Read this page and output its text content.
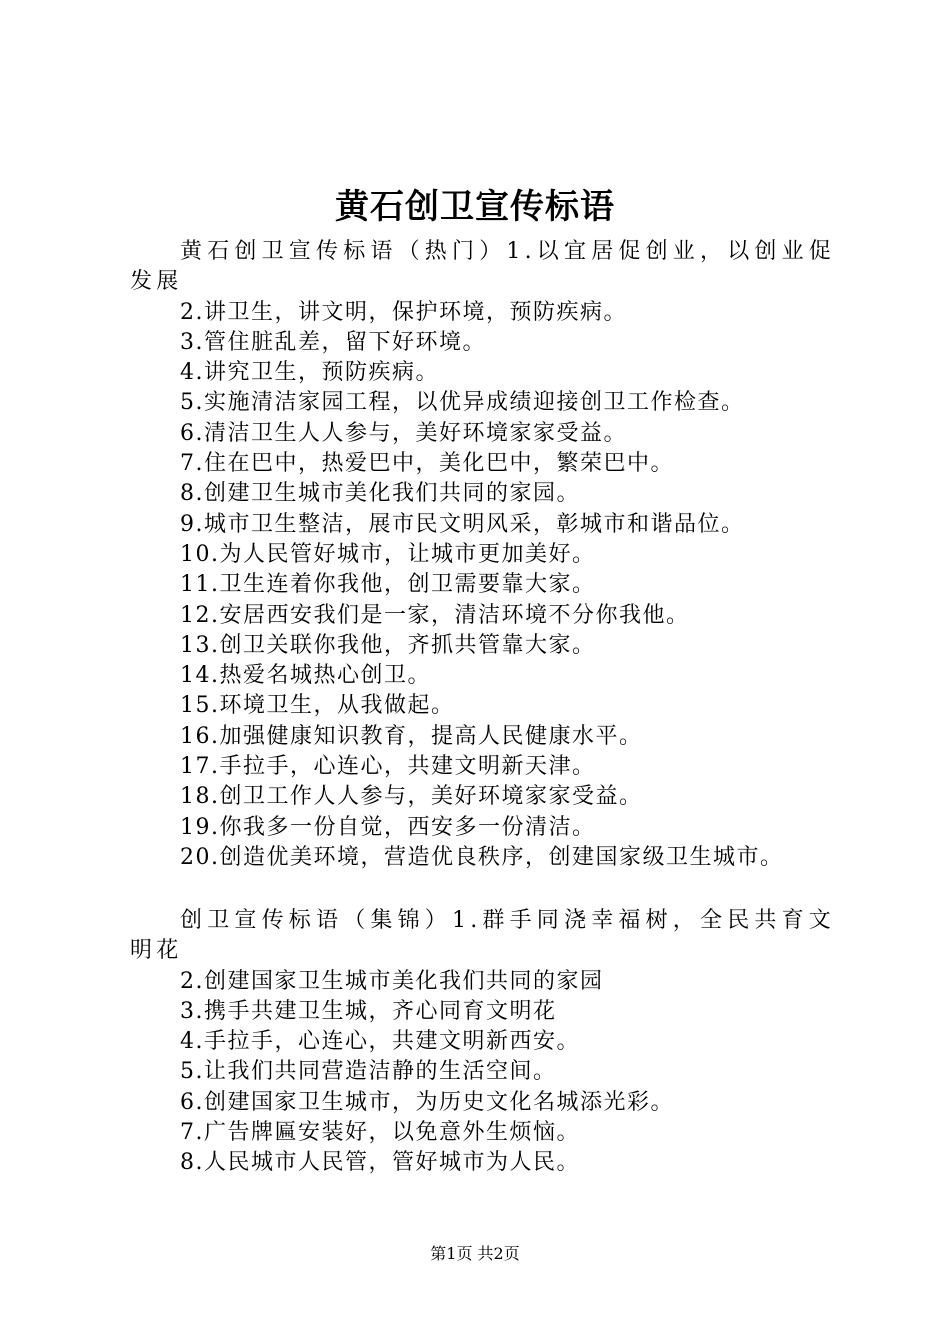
黄石创卫宣传标语

黄石创卫宣传标语（热门）1.以宜居促创业，以创业促发展

2.讲卫生，讲文明，保护环境，预防疾病。

3.管住脏乱差，留下好环境。

4.讲究卫生，预防疾病。

5.实施清洁家园工程，以优异成绩迎接创卫工作检查。

6.清洁卫生人人参与，美好环境家家受益。

7.住在巴中，热爱巴中，美化巴中，繁荣巴中。

8.创建卫生城市美化我们共同的家园。

9.城市卫生整洁，展市民文明风采，彰城市和谐品位。

10.为人民管好城市，让城市更加美好。

11.卫生连着你我他，创卫需要靠大家。

12.安居西安我们是一家，清洁环境不分你我他。

13.创卫关联你我他，齐抓共管靠大家。

14.热爱名城热心创卫。

15.环境卫生，从我做起。

16.加强健康知识教育，提高人民健康水平。

17.手拉手，心连心，共建文明新天津。

18.创卫工作人人参与，美好环境家家受益。

19.你我多一份自觉，西安多一份清洁。

20.创造优美环境，营造优良秩序，创建国家级卫生城市。

创卫宣传标语（集锦）1.群手同浇幸福树，全民共育文明花

2.创建国家卫生城市美化我们共同的家园

3.携手共建卫生城，齐心同育文明花

4.手拉手，心连心，共建文明新西安。

5.让我们共同营造洁静的生活空间。

6.创建国家卫生城市，为历史文化名城添光彩。

7.广告牌匾安装好，以免意外生烦恼。

8.人民城市人民管，管好城市为人民。

第1页 共2页
